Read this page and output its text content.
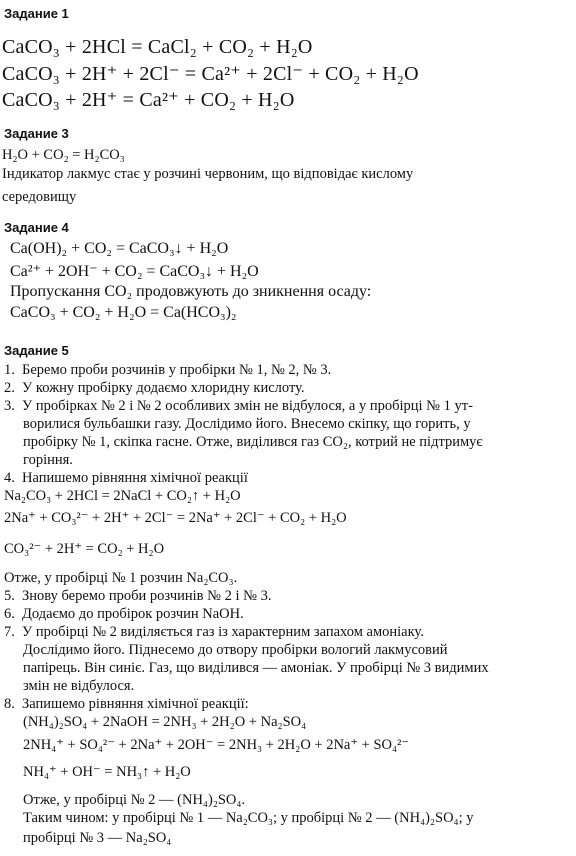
Задание 1
CaCO₃ + 2HCl = CaCl₂ + CO₂ + H₂O
CaCO₃ + 2H⁺ + 2Cl⁻ = Ca²⁺ + 2Cl⁻ + CO₂ + H₂O
CaCO₃ + 2H⁺ = Ca²⁺ + CO₂ + H₂O
Задание 3
H₂O + CO₂ = H₂CO₃
Індикатор лакмус стає у розчині червоним, що відповідає кислому
середовищу
Задание 4
Ca(OH)₂ + CO₂ = CaCO₃↓ + H₂O
Ca²⁺ + 2OH⁻ + CO₂ = CaCO₃↓ + H₂O
Пропускання CO₂ продовжують до зникнення осаду:
CaCO₃ + CO₂ + H₂O = Ca(HCO₃)₂
Задание 5
1. Беремо проби розчинів у пробірки № 1, № 2, № 3.
2. У кожну пробірку додаємо хлоридну кислоту.
3. У пробірках № 2 і № 2 особливих змін не відбулося, а у пробірці № 1 ут-
ворилися бульбашки газу. Дослідимо його. Внесемо скіпку, що горить, у
пробірку № 1, скіпка гасне. Отже, виділився газ CO₂, котрий не підтримує
горіння.
4. Напишемо рівняння хімічної реакції
Na₂CO₃ + 2HCl = 2NaCl + CO₂↑ + H₂O
2Na⁺ + CO₃²⁻ + 2H⁺ + 2Cl⁻ = 2Na⁺ + 2Cl⁻ + CO₂ + H₂O
CO₃²⁻ + 2H⁺ = CO₂ + H₂O
Отже, у пробірці № 1 розчин Na₂CO₃.
5. Знову беремо проби розчинів № 2 і № 3.
6. Додаємо до пробірок розчин NaOH.
7. У пробірці № 2 виділяється газ із характерним запахом амоніаку.
Дослідимо його. Піднесемо до отвору пробірки вологий лакмусовий
папірець. Він синіє. Газ, що виділився — амоніак. У пробірці № 3 видимих
змін не відбулося.
8. Запишемо рівняння хімічної реакції:
(NH₄)₂SO₄ + 2NaOH = 2NH₃ + 2H₂O + Na₂SO₄
2NH₄⁺ + SO₄²⁻ + 2Na⁺ + 2OH⁻ = 2NH₃ + 2H₂O + 2Na⁺ + SO₄²⁻
NH₄⁺ + OH⁻ = NH₃↑ + H₂O
Отже, у пробірці № 2 — (NH₄)₂SO₄.
Таким чином: у пробірці № 1 — Na₂CO₃; у пробірці № 2 — (NH₄)₂SO₄; у
пробірці № 3 — Na₂SO₄
